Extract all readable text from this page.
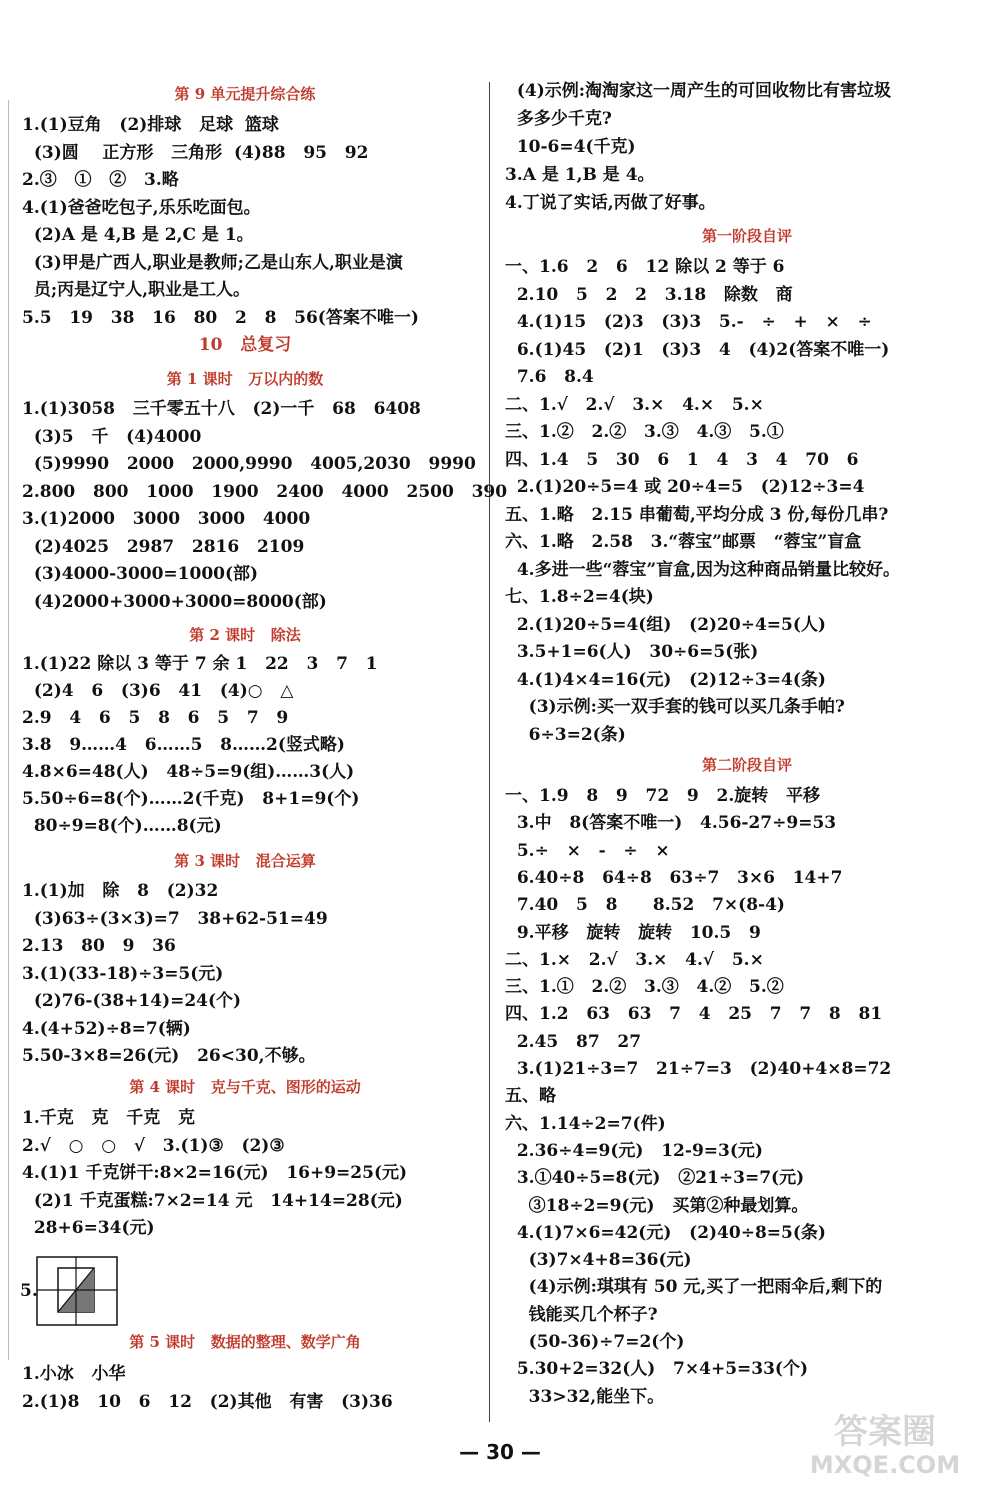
第 9 单元提升综合练
1.(1)豆角   (2)排球   足球  篮球
(3)圆    正方形   三角形  (4)88   95   92
2.③   ①   ②   3.略
4.(1)爸爸吃包子,乐乐吃面包。
(2)A 是 4,B 是 2,C 是 1。
(3)甲是广西人,职业是教师;乙是山东人,职业是演
员;丙是辽宁人,职业是工人。
5.5   19   38   16   80   2   8   56(答案不唯一)
10   总复习
第 1 课时   万以内的数
1.(1)3058   三千零五十八   (2)一千   68   6408
(3)5   千   (4)4000
(5)9990   2000   2000,9990   4005,2030   9990
2.800   800   1000   1900   2400   4000   2500   390
3.(1)2000   3000   3000   4000
(2)4025   2987   2816   2109
(3)4000-3000=1000(部)
(4)2000+3000+3000=8000(部)
第 2 课时   除法
1.(1)22 除以 3 等于 7 余 1   22   3   7   1
(2)4   6   (3)6   41   (4)○   △
2.9   4   6   5   8   6   5   7   9
3.8   9……4   6……5   8……2(竖式略)
4.8×6=48(人)   48÷5=9(组)……3(人)
5.50÷6=8(个)……2(千克)   8+1=9(个)
80÷9=8(个)……8(元)
第 3 课时   混合运算
1.(1)加   除   8   (2)32
(3)63÷(3×3)=7   38+62-51=49
2.13   80   9   36
3.(1)(33-18)÷3=5(元)
(2)76-(38+14)=24(个)
4.(4+52)÷8=7(辆)
5.50-3×8=26(元)   26<30,不够。
第 4 课时   克与千克、图形的运动
1.千克   克   千克   克
2.√   ○   ○   √   3.(1)③   (2)③
4.(1)1 千克饼干:8×2=16(元)   16+9=25(元)
(2)1 千克蛋糕:7×2=14 元   14+14=28(元)
28+6=34(元)
5.
第 5 课时   数据的整理、数学广角
1.小冰   小华
2.(1)8   10   6   12   (2)其他   有害   (3)36
(4)示例:淘淘家这一周产生的可回收物比有害垃圾
多多少千克?
10-6=4(千克)
3.A 是 1,B 是 4。
4.丁说了实话,丙做了好事。
第一阶段自评
一、1.6   2   6   12 除以 2 等于 6
2.10   5   2   2   3.18   除数   商
4.(1)15   (2)3   (3)3   5.-   ÷   +   ×   ÷
6.(1)45   (2)1   (3)3   4   (4)2(答案不唯一)
7.6   8.4
二、1.√   2.√   3.×   4.×   5.×
三、1.②   2.②   3.③   4.③   5.①
四、1.4   5   30   6   1   4   3   4   70   6
2.(1)20÷5=4 或 20÷4=5   (2)12÷3=4
五、1.略   2.15 串葡萄,平均分成 3 份,每份几串?
六、1.略   2.58   3.“蓉宝”邮票   “蓉宝”盲盒
4.多进一些“蓉宝”盲盒,因为这种商品销量比较好。
七、1.8÷2=4(块)
2.(1)20÷5=4(组)   (2)20÷4=5(人)
3.5+1=6(人)   30÷6=5(张)
4.(1)4×4=16(元)   (2)12÷3=4(条)
(3)示例:买一双手套的钱可以买几条手帕?
6÷3=2(条)
第二阶段自评
一、1.9   8   9   72   9   2.旋转   平移
3.中   8(答案不唯一)   4.56-27÷9=53
5.÷   ×   -   ÷   ×
6.40÷8   64÷8   63÷7   3×6   14+7
7.40   5   8      8.52   7×(8-4)
9.平移   旋转   旋转   10.5   9
二、1.×   2.√   3.×   4.√   5.×
三、1.①   2.②   3.③   4.②   5.②
四、1.2   63   63   7   4   25   7   7   8   81
2.45   87   27
3.(1)21÷3=7   21÷7=3   (2)40+4×8=72
五、略
六、1.14÷2=7(件)
2.36÷4=9(元)   12-9=3(元)
3.①40÷5=8(元)   ②21÷3=7(元)
③18÷2=9(元)   买第②种最划算。
4.(1)7×6=42(元)   (2)40÷8=5(条)
(3)7×4+8=36(元)
(4)示例:琪琪有 50 元,买了一把雨伞后,剩下的
钱能买几个杯子?
(50-36)÷7=2(个)
5.30+2=32(人)   7×4+5=33(个)
33>32,能坐下。
— 30 —	答案圈
MXQE.COM
